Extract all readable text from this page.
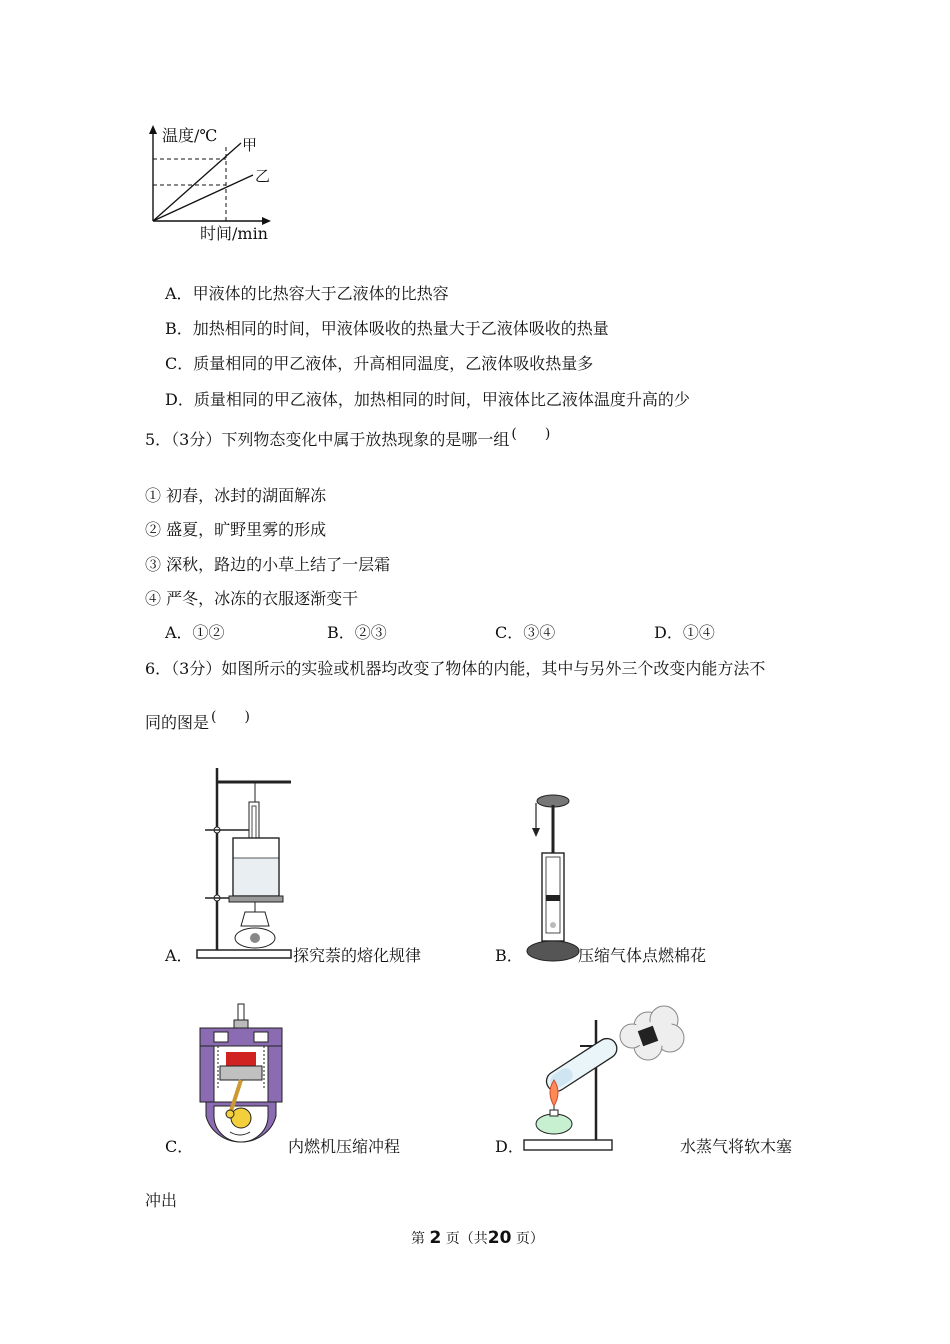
温度/℃ 甲
乙
时间/min
A．甲液体的比热容大于乙液体的比热容
B．加热相同的时间，甲液体吸收的热量大于乙液体吸收的热量
C．质量相同的甲乙液体，升高相同温度，乙液体吸收热量多
D．质量相同的甲乙液体，加热相同的时间，甲液体比乙液体温度升高的少
5．（3分）下列物态变化中属于放热现象的是哪一组 (　　)
① 初春，冰封的湖面解冻
② 盛夏，旷野里雾的形成
③ 深秋，路边的小草上结了一层霜
④ 严冬，冰冻的衣服逐渐变干
A．①②	B．②③	C．③④	D．①④
6．（3分）如图所示的实验或机器均改变了物体的内能，其中与另外三个改变内能方法不
同的图是 (　　)
A．	探究萘的熔化规律	B．	压缩气体点燃棉花
C．	内燃机压缩冲程	D．	水蒸气将软木塞
冲出
第 2 页（共20 页）
